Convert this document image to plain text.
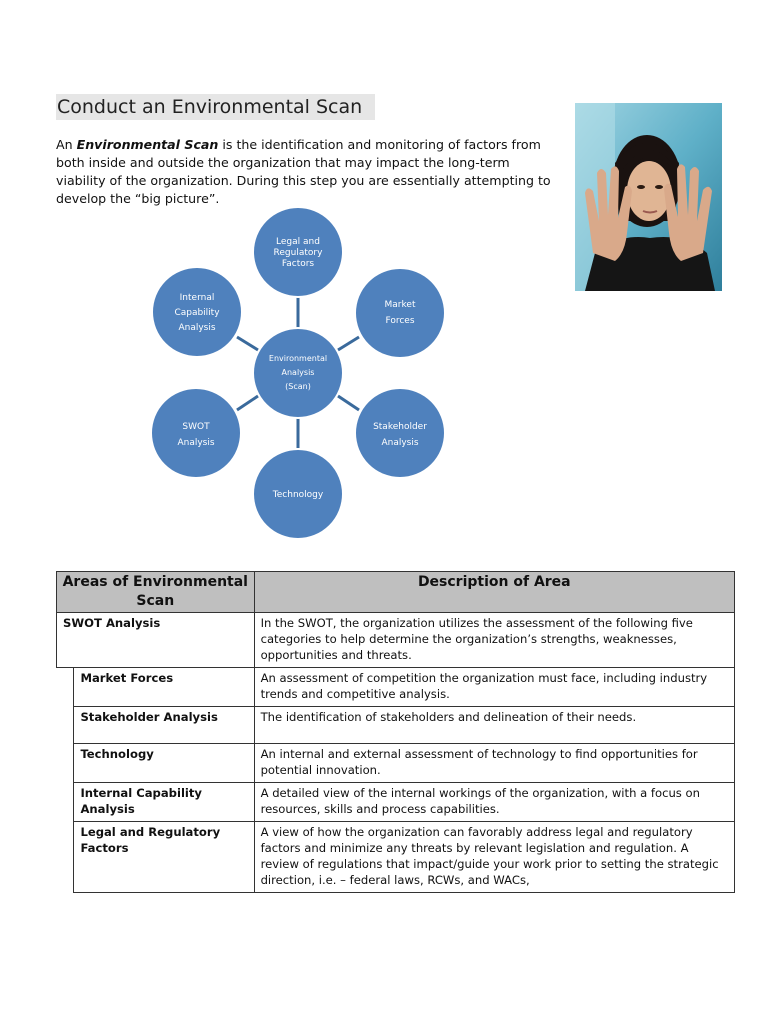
Conduct an Environmental Scan

An Environmental Scan is the identification and monitoring of factors from both inside and outside the organization that may impact the long-term viability of the organization. During this step you are essentially attempting to develop the “big picture”.

Legal and
Regulatory
Factors
Market
Forces
Stakeholder
Analysis
Technology
SWOT
Analysis
Internal
Capability
Analysis
Environmental
Analysis
(Scan)
Areas of Environmental Scan		Description of Area
SWOT Analysis		In the SWOT, the organization utilizes the assessment of the following five categories to help determine the organization’s strengths, weaknesses, opportunities and threats.
	Market Forces	An assessment of competition the organization must face, including industry trends and competitive analysis.
	Stakeholder Analysis	The identification of stakeholders and delineation of their needs.
	Technology	An internal and external assessment of technology to find opportunities for potential innovation.
	Internal Capability Analysis	A detailed view of the internal workings of the organization, with a focus on resources, skills and process capabilities.
	Legal and Regulatory Factors	A view of how the organization can favorably address legal and regulatory factors and minimize any threats by relevant legislation and regulation. A review of regulations that impact/guide your work prior to setting the strategic direction, i.e. – federal laws, RCWs, and WACs,
